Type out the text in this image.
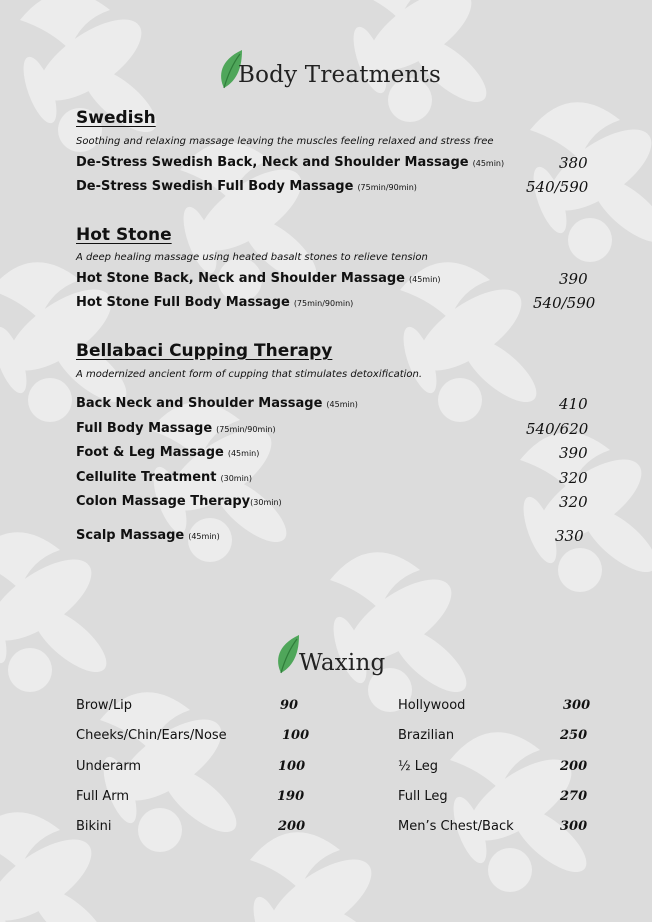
Body Treatments
Swedish
Soothing and relaxing massage leaving the muscles feeling relaxed and stress free
De-Stress Swedish Back, Neck and Shoulder Massage (45min)	380
De-Stress Swedish Full Body Massage (75min/90min)	540/590
Hot Stone
A deep healing massage using heated basalt stones to relieve tension
Hot Stone Back, Neck and Shoulder Massage (45min)	390
Hot Stone Full Body Massage (75min/90min)	540/590
Bellabaci Cupping Therapy
A modernized ancient form of cupping that stimulates detoxification.
Back Neck and Shoulder Massage (45min)	410
Full Body Massage (75min/90min)	540/620
Foot & Leg Massage (45min)	390
Cellulite Treatment (30min)	320
Colon Massage Therapy(30min)	320
Scalp Massage (45min)	330
Waxing
Brow/Lip	90
Cheeks/Chin/Ears/Nose	100
Underarm	100
Full Arm	190
Bikini	200
Hollywood	300
Brazilian	250
½ Leg	200
Full Leg	270
Men’s Chest/Back	300
